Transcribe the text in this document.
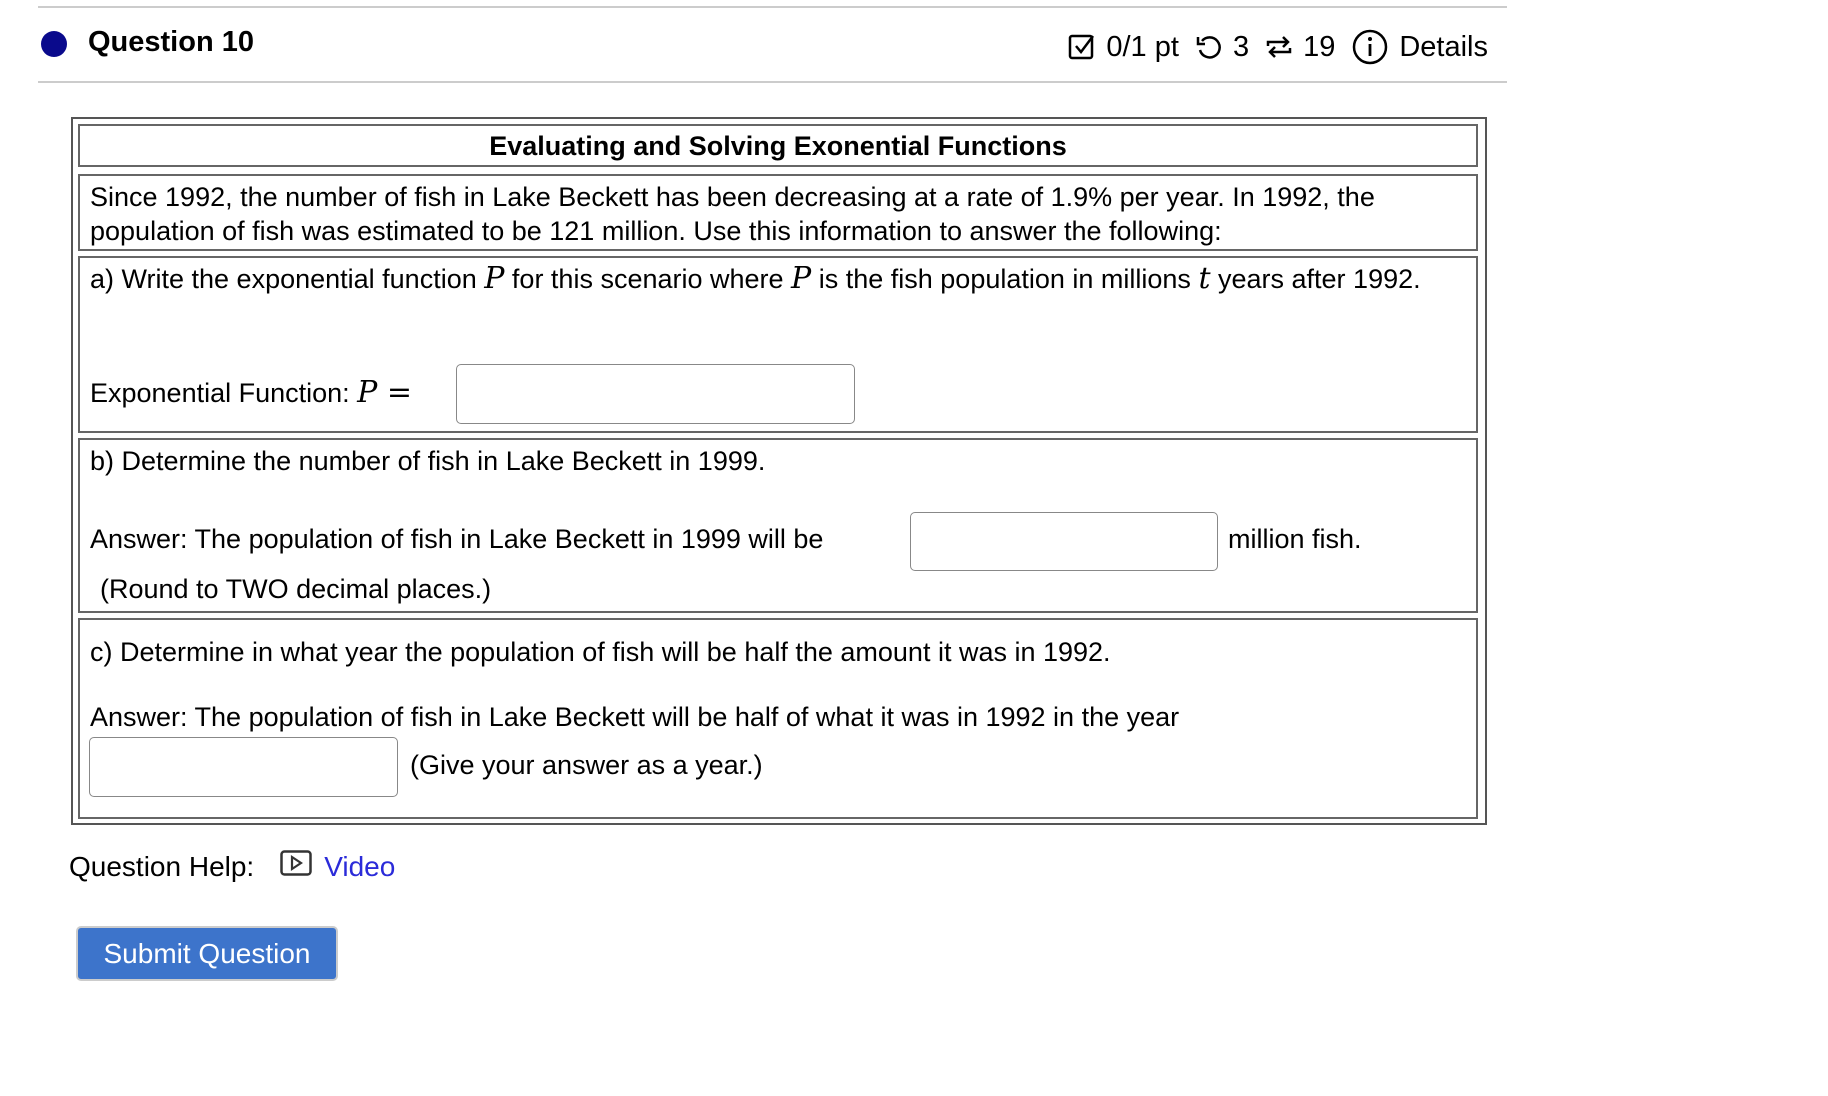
Question 10	0/1 pt 3 19 Details
Evaluating and Solving Exonential Functions
Since 1992, the number of fish in Lake Beckett has been decreasing at a rate of 1.9% per year. In 1992, the population of fish was estimated to be 121 million. Use this information to answer the following:
a) Write the exponential function P for this scenario where P is the fish population in millions t years after 1992.
Exponential Function: P =
b) Determine the number of fish in Lake Beckett in 1999.
Answer: The population of fish in Lake Beckett in 1999 will be	million fish.
(Round to TWO decimal places.)
c) Determine in what year the population of fish will be half the amount it was in 1992.
Answer: The population of fish in Lake Beckett will be half of what it was in 1992 in the year
(Give your answer as a year.)
Question Help:	Video
Submit Question
